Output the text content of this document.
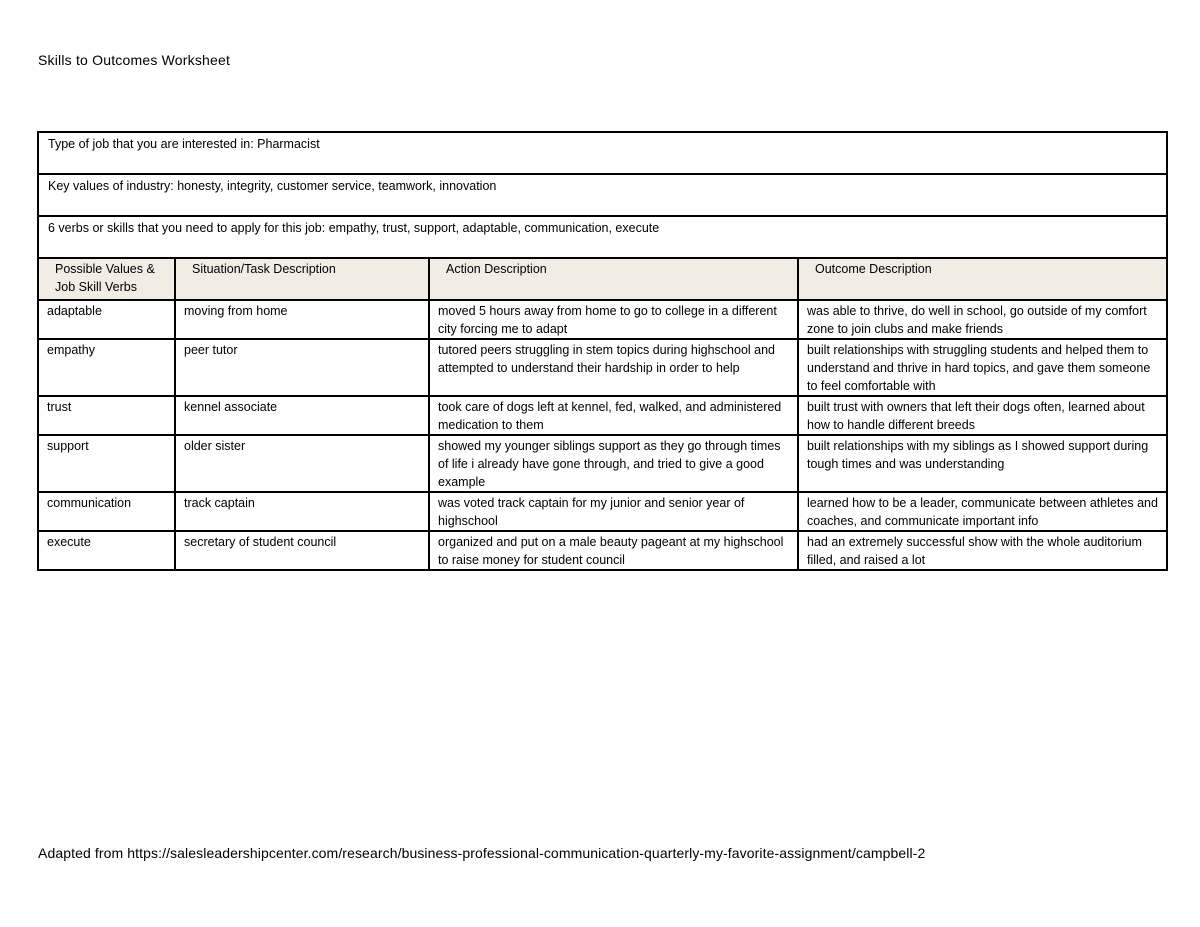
Skills to Outcomes Worksheet
Type of job that you are interested in: Pharmacist			
Key values of industry: honesty, integrity, customer service, teamwork, innovation			
6 verbs or skills that you need to apply for this job: empathy, trust, support, adaptable, communication, execute			

Possible Values & Job Skill Verbs	Situation/Task Description	Action Description	Outcome Description

adaptable	moving from home	moved 5 hours away from home to go to college in a different city forcing me to adapt	was able to thrive, do well in school, go outside of my comfort zone to join clubs and make friends
empathy	peer tutor	tutored peers struggling in stem topics during highschool and attempted to understand their hardship in order to help	built relationships with struggling students and helped them to understand and thrive in hard topics, and gave them someone to feel comfortable with
trust	kennel associate	took care of dogs left at kennel, fed, walked, and administered medication to them	built trust with owners that left their dogs often, learned about how to handle different breeds
support	older sister	showed my younger siblings support as they go through times of life i already have gone through, and tried to give a good example	built relationships with my siblings as I showed support during tough times and was understanding
communication	track captain	was voted track captain for my junior and senior year of highschool	learned how to be a leader, communicate between athletes and coaches, and communicate important info
execute	secretary of student council	organized and put on a male beauty pageant at my highschool to raise money for student council	had an extremely successful show with the whole auditorium filled, and raised a lot
Adapted from https://salesleadershipcenter.com/research/business-professional-communication-quarterly-my-favorite-assignment/campbell-2
